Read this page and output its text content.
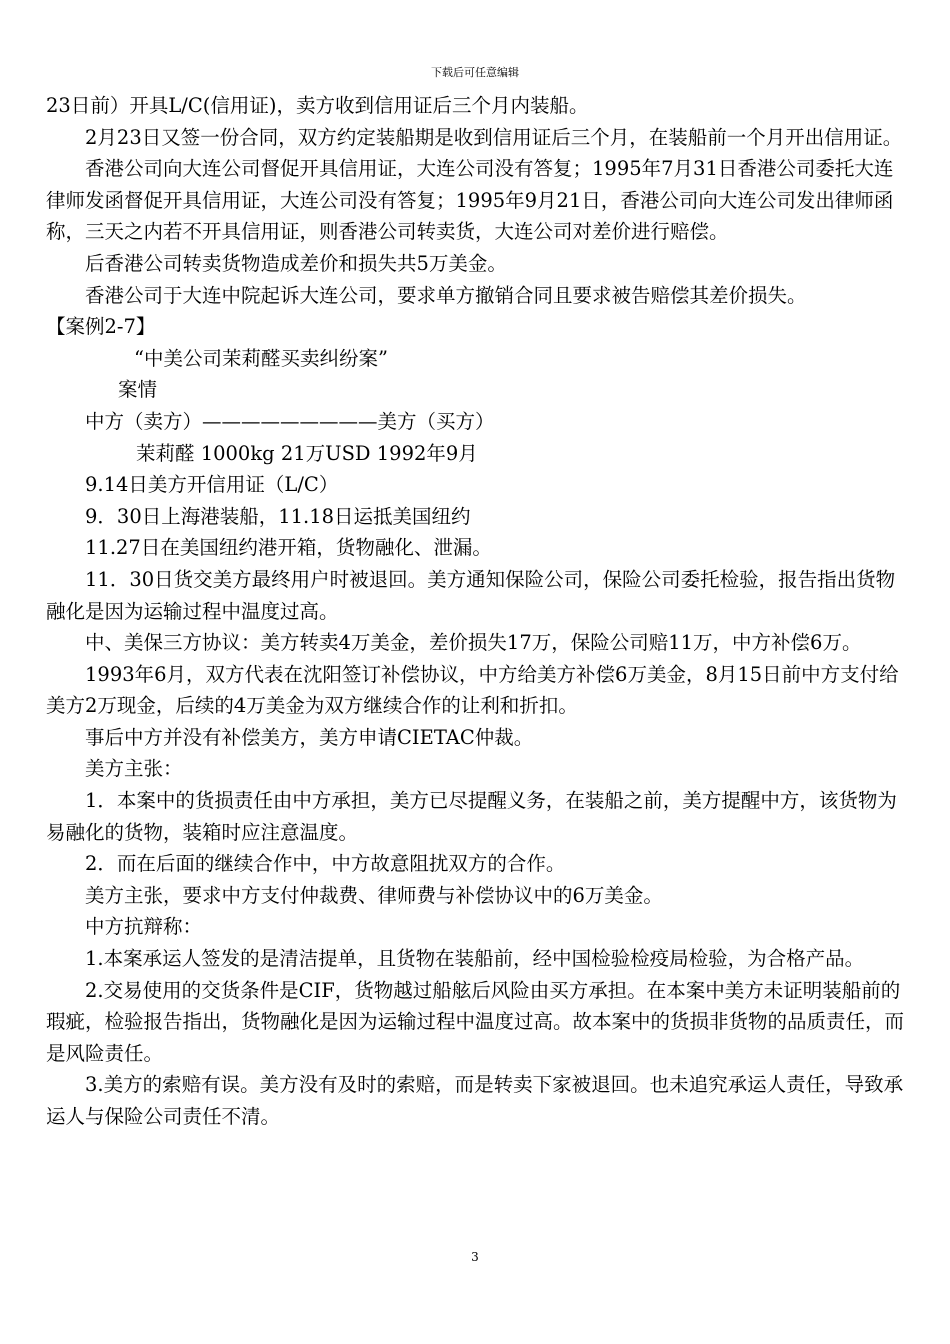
下载后可任意编辑

23日前）开具L/C(信用证)，卖方收到信用证后三个月内装船。

2月23日又签一份合同，双方约定装船期是收到信用证后三个月，在装船前一个月开出信用证。

香港公司向大连公司督促开具信用证，大连公司没有答复；1995年7月31日香港公司委托大连律师发函督促开具信用证，大连公司没有答复；1995年9月21日，香港公司向大连公司发出律师函称，三天之内若不开具信用证，则香港公司转卖货，大连公司对差价进行赔偿。

后香港公司转卖货物造成差价和损失共5万美金。

香港公司于大连中院起诉大连公司，要求单方撤销合同且要求被告赔偿其差价损失。

【案例2-7】

“中美公司茉莉醛买卖纠纷案”

案情

中方（卖方）—————————美方（买方）

茉莉醛 1000kg 21万USD 1992年9月

9.14日美方开信用证（L/C）

9．30日上海港装船，11.18日运抵美国纽约

11.27日在美国纽约港开箱，货物融化、泄漏。

11．30日货交美方最终用户时被退回。美方通知保险公司，保险公司委托检验，报告指出货物融化是因为运输过程中温度过高。

中、美保三方协议：美方转卖4万美金，差价损失17万，保险公司赔11万，中方补偿6万。

1993年6月，双方代表在沈阳签订补偿协议，中方给美方补偿6万美金，8月15日前中方支付给美方2万现金，后续的4万美金为双方继续合作的让利和折扣。

事后中方并没有补偿美方，美方申请CIETAC仲裁。

美方主张：

1．本案中的货损责任由中方承担，美方已尽提醒义务，在装船之前，美方提醒中方，该货物为易融化的货物，装箱时应注意温度。

2．而在后面的继续合作中，中方故意阻扰双方的合作。

美方主张，要求中方支付仲裁费、律师费与补偿协议中的6万美金。

中方抗辩称：

1.本案承运人签发的是清洁提单，且货物在装船前，经中国检验检疫局检验，为合格产品。

2.交易使用的交货条件是CIF，货物越过船舷后风险由买方承担。在本案中美方未证明装船前的瑕疵，检验报告指出，货物融化是因为运输过程中温度过高。故本案中的货损非货物的品质责任，而是风险责任。

3.美方的索赔有误。美方没有及时的索赔，而是转卖下家被退回。也未追究承运人责任，导致承运人与保险公司责任不清。

3
